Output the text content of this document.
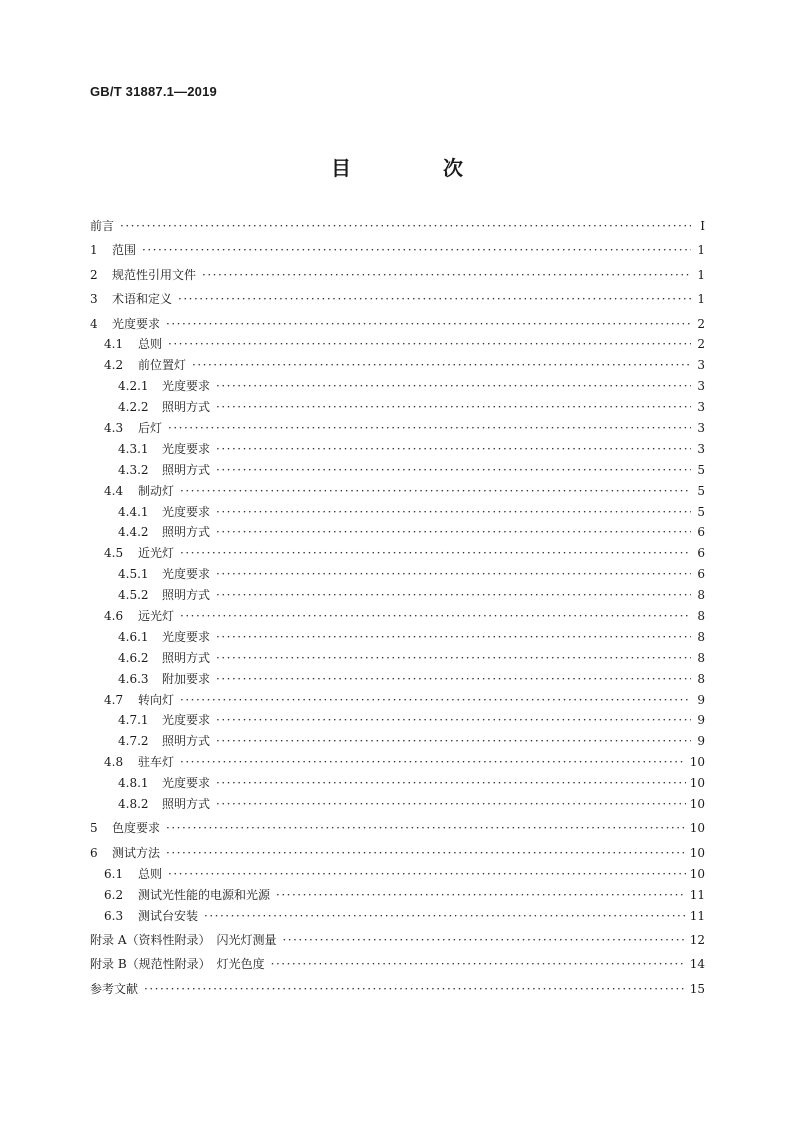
GB/T 31887.1—2019
目　次
前言 ·····	Ⅰ
1	范围 ·····	1
2	规范性引用文件 ·····	1
3	术语和定义 ·····	1
4	光度要求 ·····	2
4.1	总则 ·····	2
4.2	前位置灯 ·····	3
4.2.1	光度要求 ·····	3
4.2.2	照明方式 ·····	3
4.3	后灯 ·····	3
4.3.1	光度要求 ·····	3
4.3.2	照明方式 ·····	5
4.4	制动灯 ·····	5
4.4.1	光度要求 ·····	5
4.4.2	照明方式 ·····	6
4.5	近光灯 ·····	6
4.5.1	光度要求 ·····	6
4.5.2	照明方式 ·····	8
4.6	远光灯 ·····	8
4.6.1	光度要求 ·····	8
4.6.2	照明方式 ·····	8
4.6.3	附加要求 ·····	8
4.7	转向灯 ·····	9
4.7.1	光度要求 ·····	9
4.7.2	照明方式 ·····	9
4.8	驻车灯 ·····	10
4.8.1	光度要求 ·····	10
4.8.2	照明方式 ·····	10
5	色度要求 ·····	10
6	测试方法 ·····	10
6.1	总则 ·····	10
6.2	测试光性能的电源和光源 ·····	11
6.3	测试台安装 ·····	11
附录 A（资料性附录）　闪光灯测量 ·····	12
附录 B（规范性附录）　灯光色度 ·····	14
参考文献 ·····	15
